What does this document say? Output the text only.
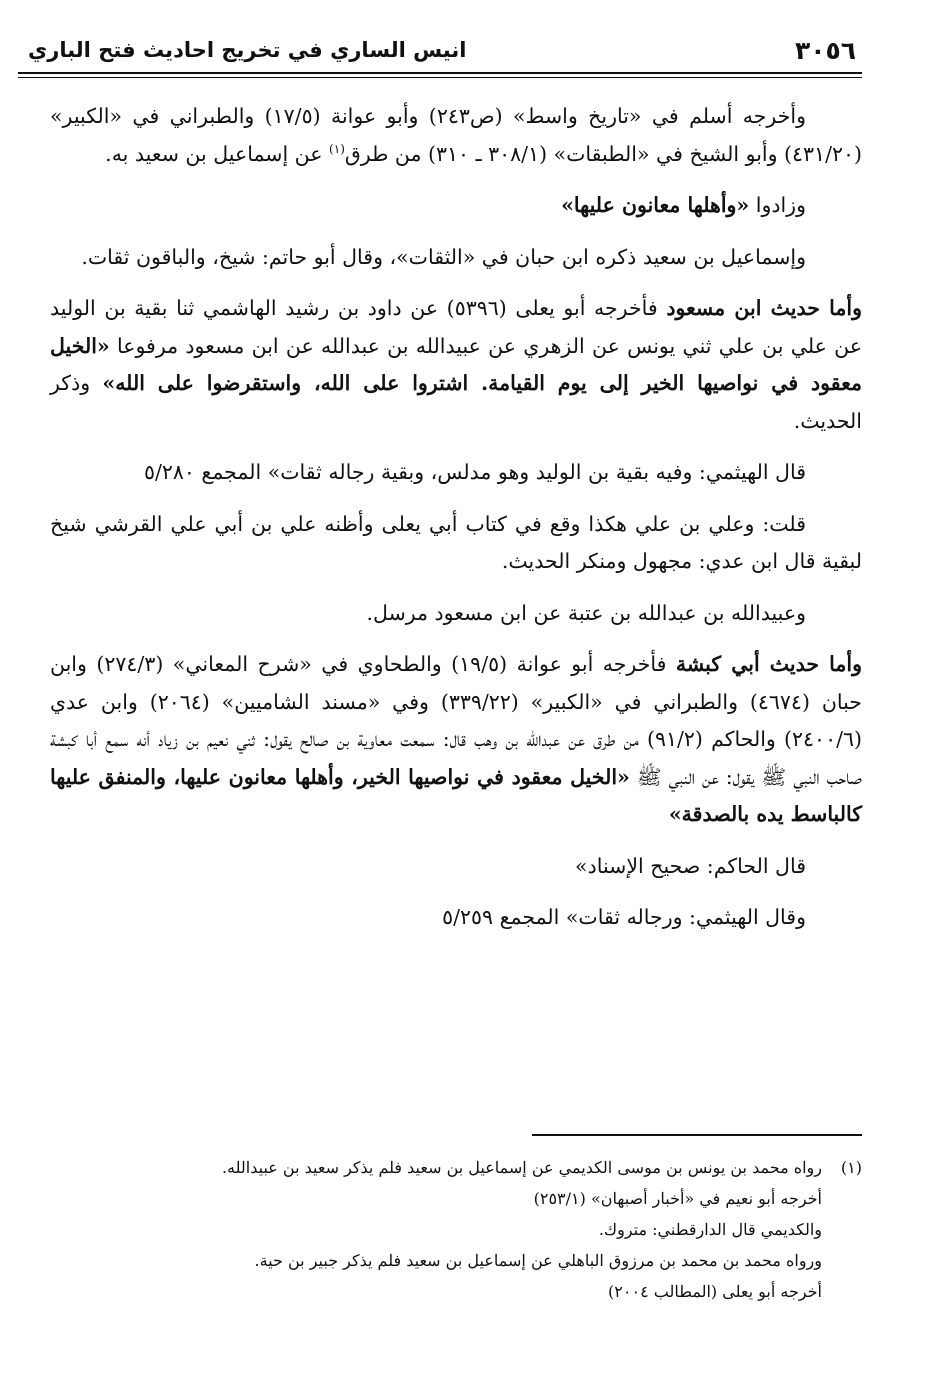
٣٠٥٦
انيس الساري في تخريج احاديث فتح الباري

وأخرجه أسلم في «تاريخ واسط» (ص٢٤٣) وأبو عوانة (١٧/٥) والطبراني في «الكبير» (٤٣١/٢٠) وأبو الشيخ في «الطبقات» (٣٠٨/١ ـ ٣١٠) من طرق$^{(١)}$ عن إسماعيل بن سعيد به.

وزادوا «وأهلها معانون عليها»

وإسماعيل بن سعيد ذكره ابن حبان في «الثقات»، وقال أبو حاتم: شيخ، والباقون ثقات.

وأما حديث ابن مسعود فأخرجه أبو يعلى (٥٣٩٦) عن داود بن رشيد الهاشمي ثنا بقية بن الوليد عن علي بن علي ثني يونس عن الزهري عن عبيدالله بن عبدالله عن ابن مسعود مرفوعا «الخيل معقود في نواصيها الخير إلى يوم القيامة. اشتروا على الله، واستقرضوا على الله» وذكر الحديث.

قال الهيثمي: وفيه بقية بن الوليد وهو مدلس، وبقية رجاله ثقات» المجمع ٥/٢٨٠

قلت: وعلي بن علي هكذا وقع في كتاب أبي يعلى وأظنه علي بن أبي علي القرشي شيخ لبقية قال ابن عدي: مجهول ومنكر الحديث.

وعبيدالله بن عبدالله بن عتبة عن ابن مسعود مرسل.

وأما حديث أبي كبشة فأخرجه أبو عوانة (١٩/٥) والطحاوي في «شرح المعاني» (٢٧٤/٣) وابن حبان (٤٦٧٤) والطبراني في «الكبير» (٣٣٩/٢٢) وفي «مسند الشاميين» (٢٠٦٤) وابن عدي (٢٤٠٠/٦) والحاكم (٩١/٢) من طرق عن عبدالله بن وهب قال: سمعت معاوية بن صالح يقول: ثني نعيم بن زياد أنه سمع أبا كبشة صاحب النبي ﷺ يقول: عن النبي ﷺ «الخيل معقود في نواصيها الخير، وأهلها معانون عليها، والمنفق عليها كالباسط يده بالصدقة»

قال الحاكم: صحيح الإسناد»

وقال الهيثمي: ورجاله ثقات» المجمع ٥/٢٥٩

(١)

رواه محمد بن يونس بن موسى الكديمي عن إسماعيل بن سعيد فلم يذكر سعيد بن عبيدالله.

أخرجه أبو نعيم في «أخبار أصبهان» (٢٥٣/١)

والكديمي قال الدارقطني: متروك.

ورواه محمد بن محمد بن مرزوق الباهلي عن إسماعيل بن سعيد فلم يذكر جبير بن حية.

أخرجه أبو يعلى (المطالب ٢٠٠٤)
